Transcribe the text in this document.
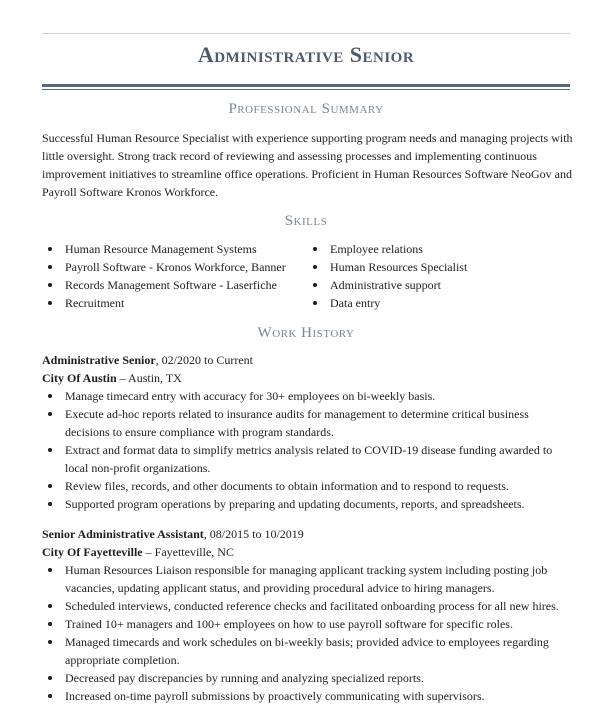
Administrative Senior
Professional Summary
Successful Human Resource Specialist with experience supporting program needs and managing projects with little oversight. Strong track record of reviewing and assessing processes and implementing continuous improvement initiatives to streamline office operations. Proficient in Human Resources Software NeoGov and Payroll Software Kronos Workforce.
Skills
Human Resource Management Systems
Payroll Software - Kronos Workforce, Banner
Records Management Software - Laserfiche
Recruitment
Employee relations
Human Resources Specialist
Administrative support
Data entry
Work History
Administrative Senior, 02/2020 to Current
City Of Austin – Austin, TX
Manage timecard entry with accuracy for 30+ employees on bi-weekly basis.
Execute ad-hoc reports related to insurance audits for management to determine critical business decisions to ensure compliance with program standards.
Extract and format data to simplify metrics analysis related to COVID-19 disease funding awarded to local non-profit organizations.
Review files, records, and other documents to obtain information and to respond to requests.
Supported program operations by preparing and updating documents, reports, and spreadsheets.
Senior Administrative Assistant, 08/2015 to 10/2019
City Of Fayetteville – Fayetteville, NC
Human Resources Liaison responsible for managing applicant tracking system including posting job vacancies, updating applicant status, and providing procedural advice to hiring managers.
Scheduled interviews, conducted reference checks and facilitated onboarding process for all new hires.
Trained 10+ managers and 100+ employees on how to use payroll software for specific roles.
Managed timecards and work schedules on bi-weekly basis; provided advice to employees regarding appropriate completion.
Decreased pay discrepancies by running and analyzing specialized reports.
Increased on-time payroll submissions by proactively communicating with supervisors.
